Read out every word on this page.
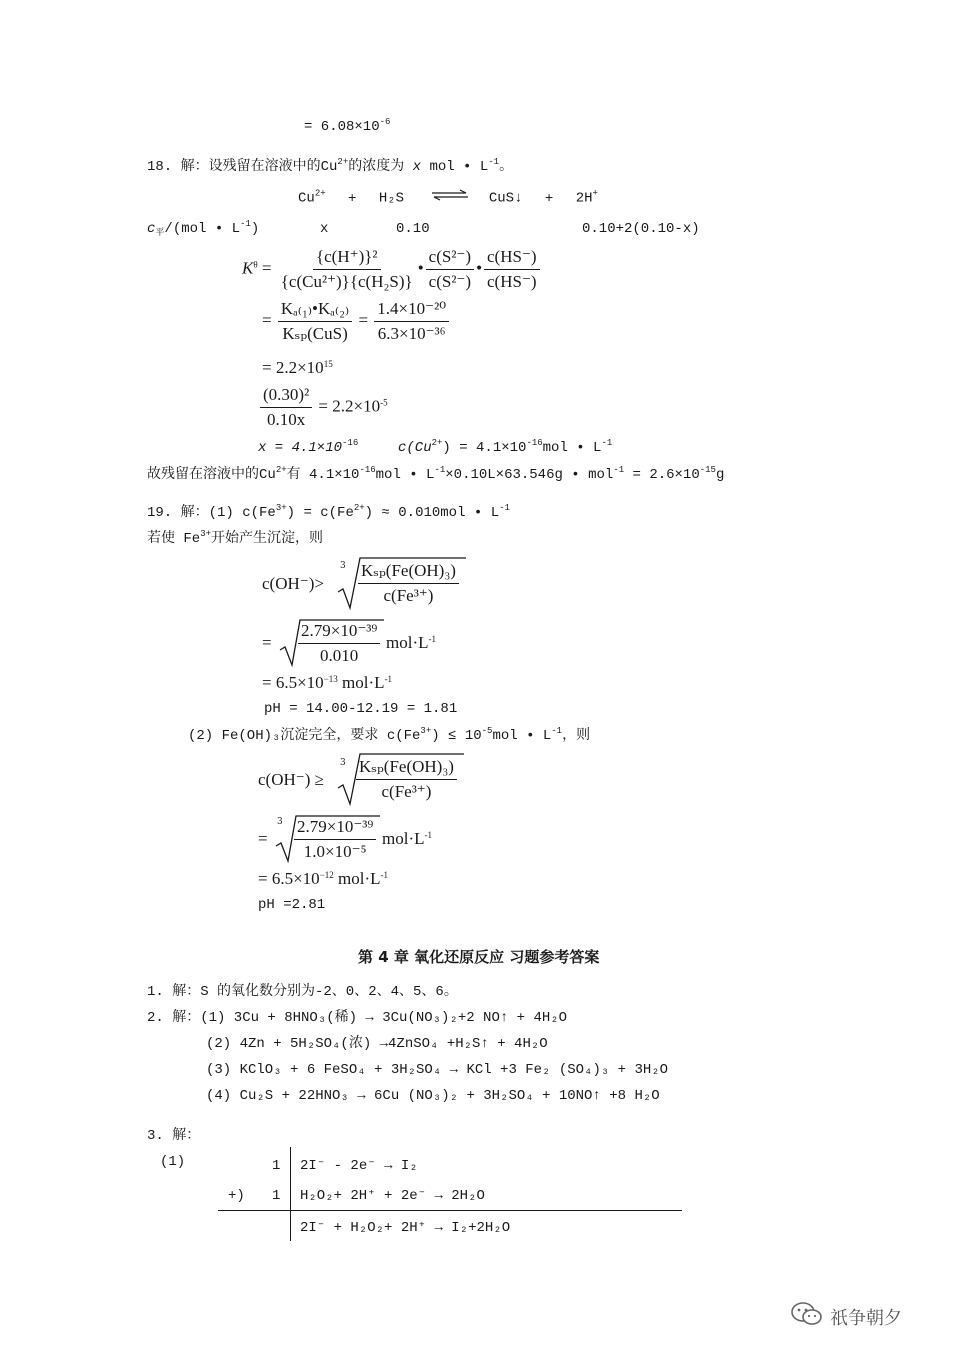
= $6.08\times 10^{-6}$
18. 解：设残留在溶液中的$Cu^{2+}$的浓度为 x mol • $L^{-1}$。
$Cu^{2+} + H_2S$ ⇌ CuS↓ + 2H+
$c_平/(mol$ • $L^{-1}$)	x	0.10	0.10+2(0.10-x)
$K^\theta = \frac{\text{\{c(H⁺)\}²}}{\text{\{c(Cu²⁺)\}\{c(H₂S)\}}}$ • $\frac{\text{c(S²⁻)}}{\text{c(S²⁻)}}$ • $\frac{c(HS^-)}{c(HS^-)}$
= $\frac{\text{Kₐ₍₁₎•Kₐ₍₂₎}}{\text{Kₛₚ(CuS)}} = \frac{\text{1.4×10⁻²⁰}}{\text{6.3×10⁻³⁶}}$
= $2.2\times 10^{15}$
$\frac{\text{(0.30)²}}{0.10x} = 2.2\times 10^{-5}$
$x = 4.1\times 10^{-16}$	$c(Cu^{2+}) = 4.1\times 10^{-16}mol$ • $L^{-1}$
故残留在溶液中的$Cu^{2+}$有 $4.1\times 10^{-16}mol$ • $L^{-1}\times 0.10L\times 63.546g$ • $mol^{-1} = 2.6\times 10^{-15}g$
19. 解：(1) $c(Fe^{3+}) = c(Fe^{2+}) \approx 0.010mol$ • $L^{-1}$
若使 $Fe^{3+}$开始产生沉淀，则
c(OH⁻)>
$3 \frac{\text{Kₛₚ(Fe(OH)₃)}}{\text{c(Fe³⁺)}}$
= $\frac{\text{2.79×10⁻³⁹}}{0.010} mol\cdot L^{-1}$
= $6.5\times 10^{-13}$ $mol\cdot L^{-1}$
pH = 14.00-12.19 = 1.81
(2) Fe(OH)₃沉淀完全，要求 $c(Fe^{3+}) \le 10^{-5}mol$ • $L^{-1}$，则
c(OH⁻) ≥
$3 \frac{\text{Kₛₚ(Fe(OH)₃)}}{\text{c(Fe³⁺)}}$
=
$3 \frac{\text{2.79×10⁻³⁹}}{\text{1.0×10⁻⁵}} mol\cdot L^{-1}$
= $6.5\times 10^{-12}$ $mol\cdot L^{-1}$
pH =2.81
第 4 章 氧化还原反应 习题参考答案
1. 解：S 的氧化数分别为-2、0、2、4、5、6。
2. 解：(1) 3Cu + 8HNO₃(稀) → 3Cu(NO₃)₂+2 NO↑ + 4H₂O
(2) 4Zn + 5H₂SO₄(浓) →4ZnSO₄ +H₂S↑ + 4H₂O
(3) KClO₃ + 6 FeSO₄ + 3H₂SO₄ → KCl +3 Fe₂ (SO₄)₃ + 3H₂O
(4) Cu₂S + 22HNO₃ → 6Cu (NO₃)₂ + 3H₂SO₄ + 10NO↑ +8 H₂O
3. 解：
(1)	1 2I⁻ - 2e⁻ → I₂
+) 1 H₂O₂+ 2H⁺ + 2e⁻ → 2H₂O
2I⁻ + H₂O₂+ 2H⁺ → I₂+2H₂O
祇争朝夕
